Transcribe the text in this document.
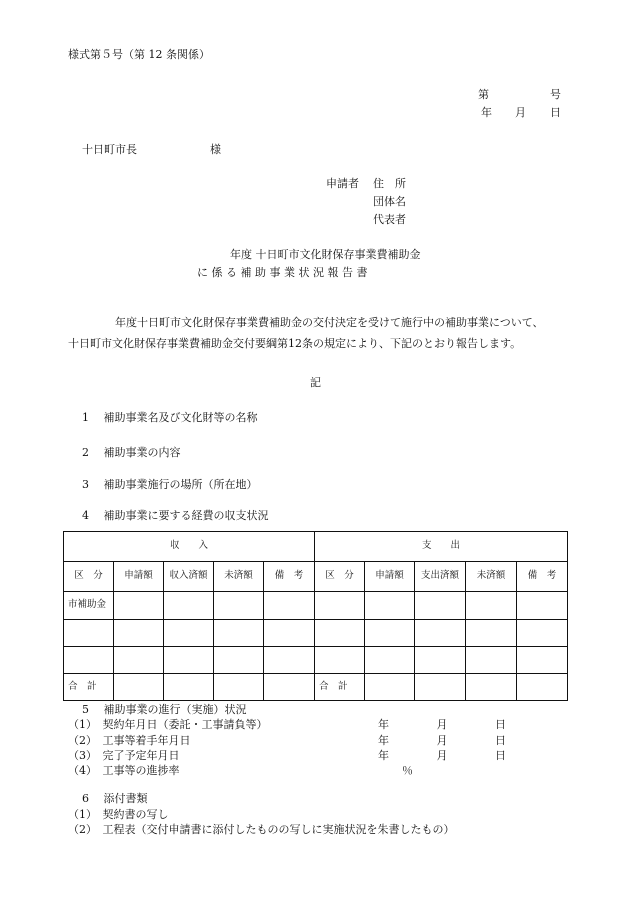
様式第５号（第 12 条関係）
第	号
年 月 日
十日町市長	様
申請者 住　所
団体名
代表者
年度 十日町市文化財保存事業費補助金
に 係 る 補 助 事 業 状 況 報 告 書
年度十日町市文化財保存事業費補助金の交付決定を受けて施行中の補助事業について、
十日町市文化財保存事業費補助金交付要綱第12条の規定により、下記のとおり報告します。
記
1　 補助事業名及び文化財等の名称
2　 補助事業の内容
3　 補助事業施行の場所（所在地）
4　 補助事業に要する経費の収支状況
収　　入					支　　出				
区　分	申請額	収入済額	未済額	備　考	区　分	申請額	支出済額	未済額	備　考
市補助金									

合　計					合　計				
5　 補助事業の進行（実施）状況
（1）　契約年月日（委託・工事請負等）	年	月	日
（2）　工事等着手年月日	年	月	日
（3）　完了予定年月日	年	月	日
（4）　工事等の進捗率	％
6　 添付書類
（1）　契約書の写し
（2）　工程表（交付申請書に添付したものの写しに実施状況を朱書したもの）
